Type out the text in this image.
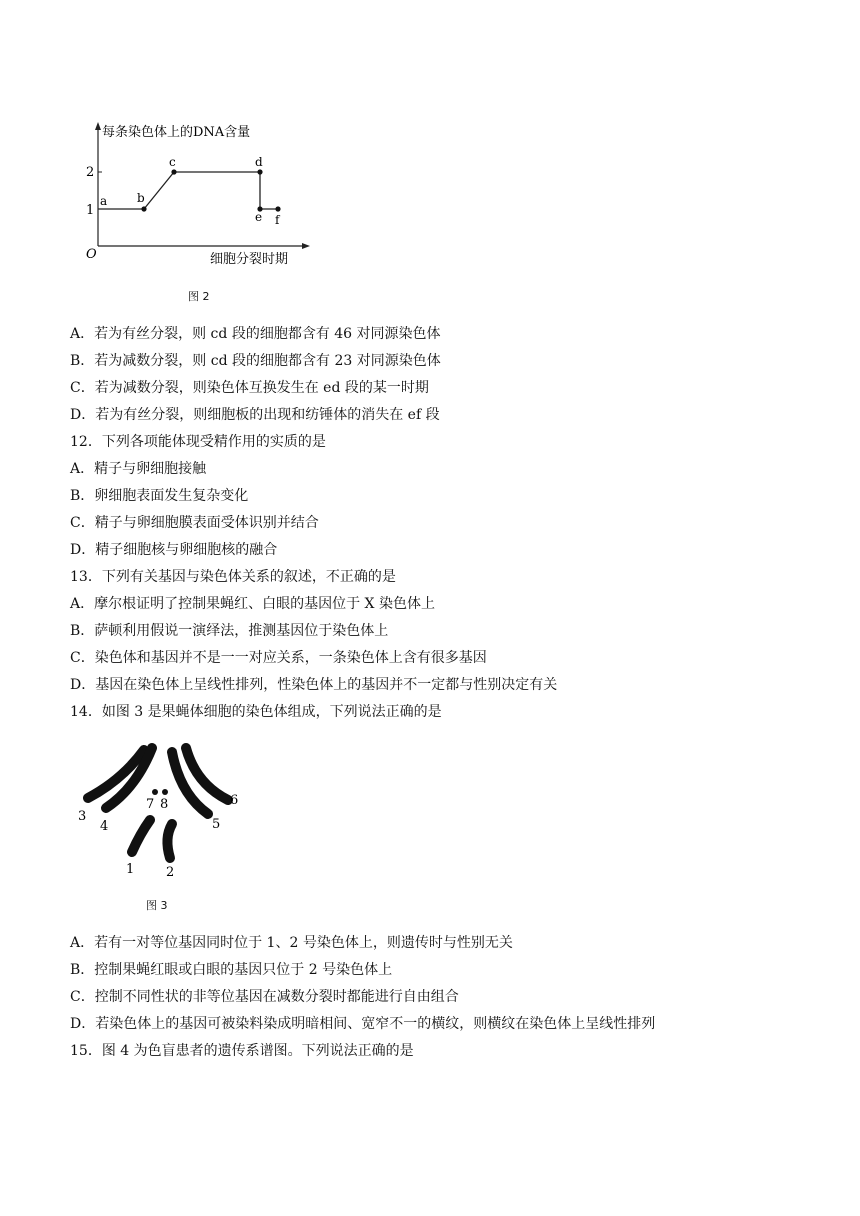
每条染色体上的DNA含量
细胞分裂时期
O
2
1
a b
c	d
e f
图 2
A．若为有丝分裂，则 cd 段的细胞都含有 46 对同源染色体
B．若为减数分裂，则 cd 段的细胞都含有 23 对同源染色体
C．若为减数分裂，则染色体互换发生在 ed 段的某一时期
D．若为有丝分裂，则细胞板的出现和纺锤体的消失在 ef 段
12．下列各项能体现受精作用的实质的是
A．精子与卵细胞接触
B．卵细胞表面发生复杂变化
C．精子与卵细胞膜表面受体识别并结合
D．精子细胞核与卵细胞核的融合
13．下列有关基因与染色体关系的叙述，不正确的是
A．摩尔根证明了控制果蝇红、白眼的基因位于 X 染色体上
B．萨顿利用假说一演绎法，推测基因位于染色体上
C．染色体和基因并不是一一对应关系，一条染色体上含有很多基因
D．基因在染色体上呈线性排列，性染色体上的基因并不一定都与性别决定有关
14．如图 3 是果蝇体细胞的染色体组成，下列说法正确的是
1 2
3
4	5
6
7 8
图 3
A．若有一对等位基因同时位于 1、2 号染色体上，则遗传时与性别无关
B．控制果蝇红眼或白眼的基因只位于 2 号染色体上
C．控制不同性状的非等位基因在减数分裂时都能进行自由组合
D．若染色体上的基因可被染料染成明暗相间、宽窄不一的横纹，则横纹在染色体上呈线性排列
15．图 4 为色盲患者的遗传系谱图。下列说法正确的是
